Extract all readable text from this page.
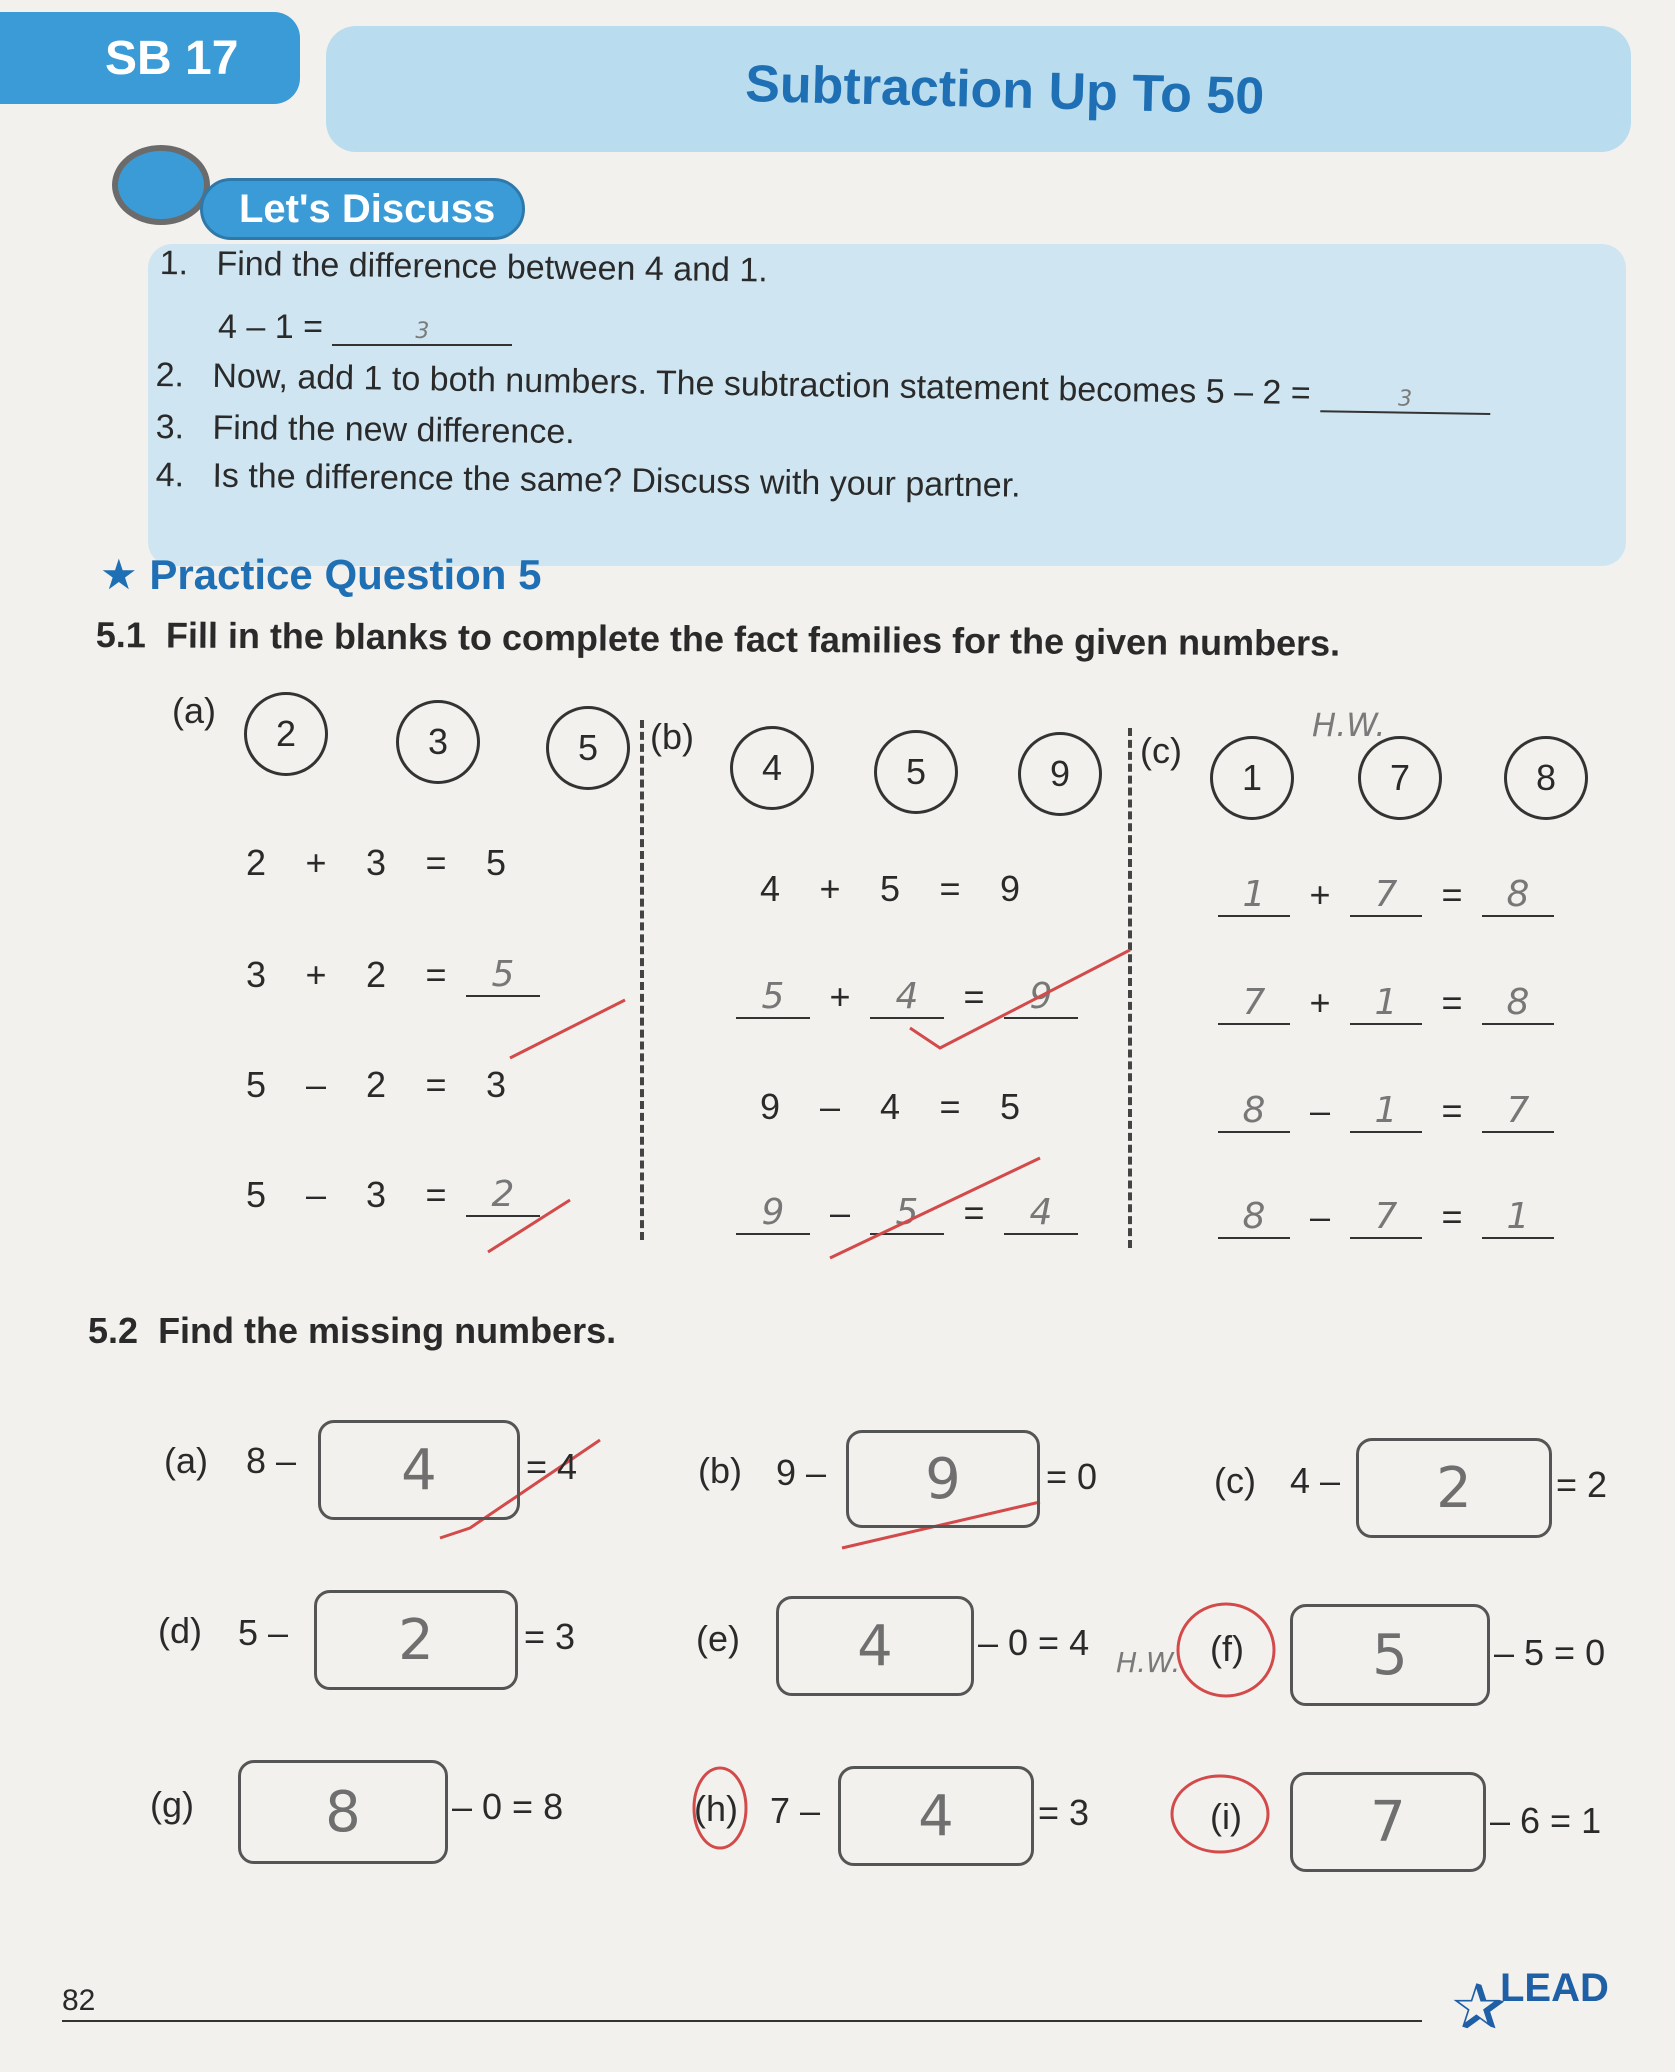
SB 17	Subtraction Up To 50
Let's Discuss
1. Find the difference between 4 and 1.
4 – 1 =	3
2. Now, add 1 to both numbers. The subtraction statement becomes 5 – 2 =	3
3. Find the new difference.
4. Is the difference the same? Discuss with your partner.
★ Practice Question 5
5.1 Fill in the blanks to complete the fact families for the given numbers.
H.W.
(a)
2	3	5	(b)
4	5	9
(c)
1	7	8
2	+	3	=	5
3	+	2	=	5
5	–	2	=	3
5	–	3	=	2
4	+	5	=	9
5	+	4	=	9
9	–	4	=	5
9	–	5	=	4
1	+	7	=	8
7	+	1	=	8
8	–	1	=	7
8	–	7	=	1
5.2 Find the missing numbers.
(a) 8 –	4	= 4	(b) 9 –	9	= 0	(c) 4 –	2	= 2
(d) 5 –	2	= 3	(e)	4	– 0 = 4 H.W. (f)	5	– 5 = 0
(g)	8	– 0 = 8	(h) 7 –	4	= 3	(i)	7	– 6 = 1
82	✰
LEAD
